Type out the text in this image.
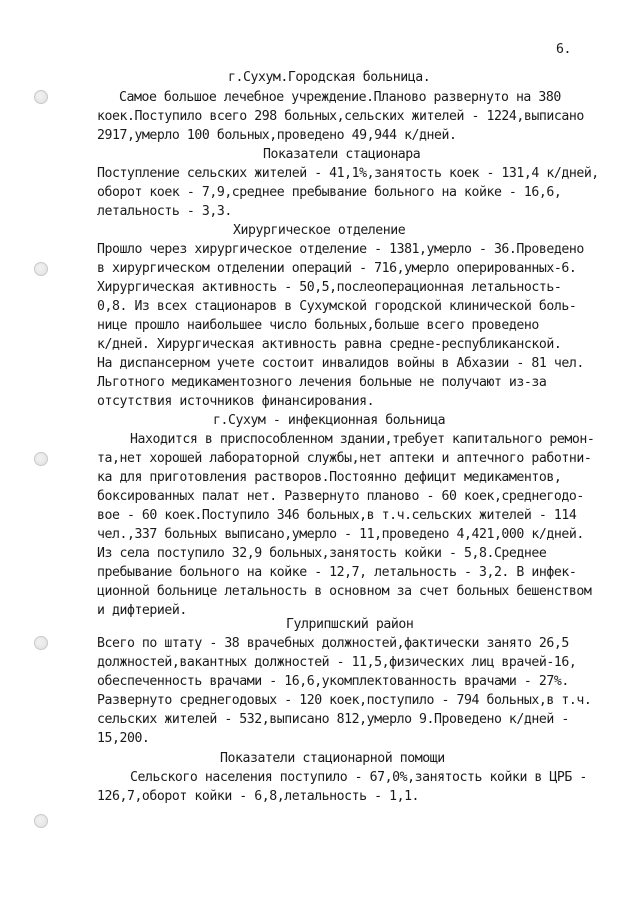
6.
г.Сухум.Городская больница.
Самое большое лечебное учреждение.Планово развернуто на 380
коек.Поступило всего 298 больных,сельских жителей - 1224,выписано
2917,умерло 100 больных,проведено 49,944 к/дней.
Показатели стационара
Поступление сельских жителей - 41,1%,занятость коек - 131,4 к/дней,
оборот коек - 7,9,среднее пребывание больного на койке - 16,6,
летальность - 3,3.
Хирургическое отделение
Прошло через хирургическое отделение - 1381,умерло - 36.Проведено
в хирургическом отделении операций - 716,умерло оперированных-6.
Хирургическая активность - 50,5,послеоперационная летальность-
0,8. Из всех стационаров в Сухумской городской клинической боль-
нице прошло наибольшее число больных,больше всего проведено
к/дней. Хирургическая активность равна средне-республиканской.
На диспансерном учете состоит инвалидов войны в Абхазии - 81 чел.
Льготного медикаментозного лечения больные не получают из-за
отсутствия источников финансирования.
г.Сухум - инфекционная больница
Находится в приспособленном здании,требует капитального ремон-
та,нет хорошей лабораторной службы,нет аптеки и аптечного работни-
ка для приготовления растворов.Постоянно дефицит медикаментов,
боксированных палат нет. Развернуто планово - 60 коек,среднегодо-
вое - 60 коек.Поступило 346 больных,в т.ч.сельских жителей - 114
чел.,337 больных выписано,умерло - 11,проведено 4,421,000 к/дней.
Из села поступило 32,9 больных,занятость койки - 5,8.Среднее
пребывание больного на койке - 12,7, летальность - 3,2. В инфек-
ционной больнице летальность в основном за счет больных бешенством
и дифтерией.
Гулрипшский район
Всего по штату - 38 врачебных должностей,фактически занято 26,5
должностей,вакантных должностей - 11,5,физических лиц врачей-16,
обеспеченность врачами - 16,6,укомплектованность врачами - 27%.
Развернуто среднегодовых - 120 коек,поступило - 794 больных,в т.ч.
сельских жителей - 532,выписано 812,умерло 9.Проведено к/дней -
15,200.
Показатели стационарной помощи
Сельского населения поступило - 67,0%,занятость койки в ЦРБ -
126,7,оборот койки - 6,8,летальность - 1,1.
